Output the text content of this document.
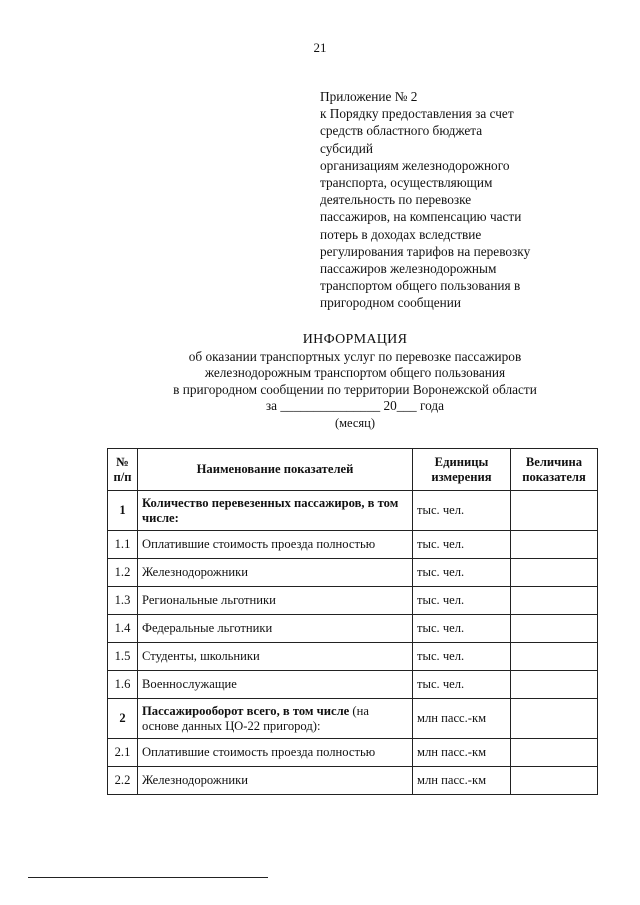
21
Приложение № 2
к Порядку предоставления за счет
средств областного бюджета
субсидий
организациям железнодорожного
транспорта, осуществляющим
деятельность по перевозке
пассажиров, на компенсацию части
потерь в доходах вследствие
регулирования тарифов на перевозку
пассажиров железнодорожным
транспортом общего пользования в
пригородном сообщении
ИНФОРМАЦИЯ
об оказании транспортных услуг по перевозке пассажиров
железнодорожным транспортом общего пользования
в пригородном сообщении по территории Воронежской области
за _______________ 20___ года
(месяц)
№ п/п	Наименование показателей	Единицы измерения	Величина показателя
1	Количество перевезенных пассажиров, в том числе:	тыс. чел.	
1.1	Оплатившие стоимость проезда полностью	тыс. чел.	
1.2	Железнодорожники	тыс. чел.	
1.3	Региональные льготники	тыс. чел.	
1.4	Федеральные льготники	тыс. чел.	
1.5	Студенты, школьники	тыс. чел.	
1.6	Военнослужащие	тыс. чел.	
2	Пассажирооборот всего, в том числе (на основе данных ЦО-22 пригород):	млн пасс.-км	
2.1	Оплатившие стоимость проезда полностью	млн пасс.-км	
2.2	Железнодорожники	млн пасс.-км	
